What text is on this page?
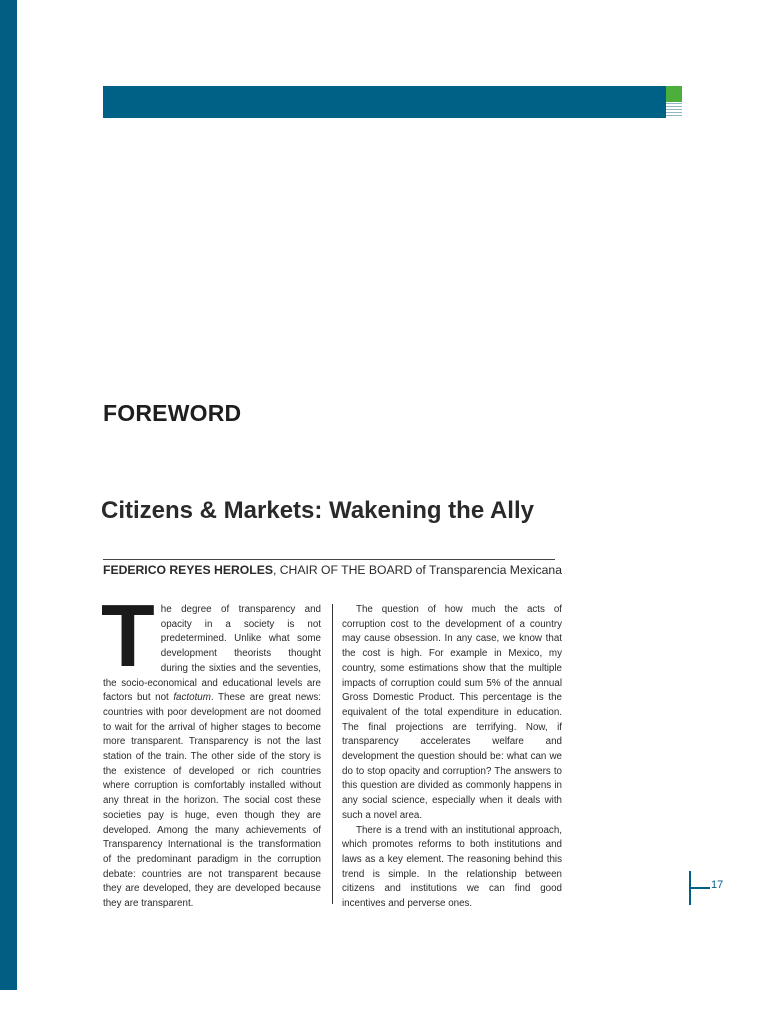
FOREWORD
Citizens & Markets: Wakening the Ally
FEDERICO REYES HEROLES, CHAIR OF THE BOARD of Transparencia Mexicana

The degree of transparency and opacity in a society is not predetermined. Unlike what some development theorists thought during the sixties and the seventies, the socio-economical and educational levels are factors but not factotum. These are great news: countries with poor development are not doomed to wait for the arrival of higher stages to become more transparent. Transparency is not the last station of the train. The other side of the story is the existence of developed or rich countries where corruption is comfortably installed without any threat in the horizon. The social cost these societies pay is huge, even though they are developed. Among the many achievements of Transparency International is the transformation of the predominant paradigm in the corruption debate: countries are not transparent because they are developed, they are developed because they are transparent.

The question of how much the acts of corruption cost to the development of a country may cause obsession. In any case, we know that the cost is high. For example in Mexico, my country, some estimations show that the multiple impacts of corruption could sum 5% of the annual Gross Domestic Product. This percentage is the equivalent of the total expenditure in education. The final projections are terrifying. Now, if transparency accelerates welfare and development the question should be: what can we do to stop opacity and corruption? The answers to this question are divided as commonly happens in any social science, especially when it deals with such a novel area.

There is a trend with an institutional approach, which promotes reforms to both institutions and laws as a key element. The reasoning behind this trend is simple. In the relationship between citizens and institutions we can find good incentives and perverse ones.

17
